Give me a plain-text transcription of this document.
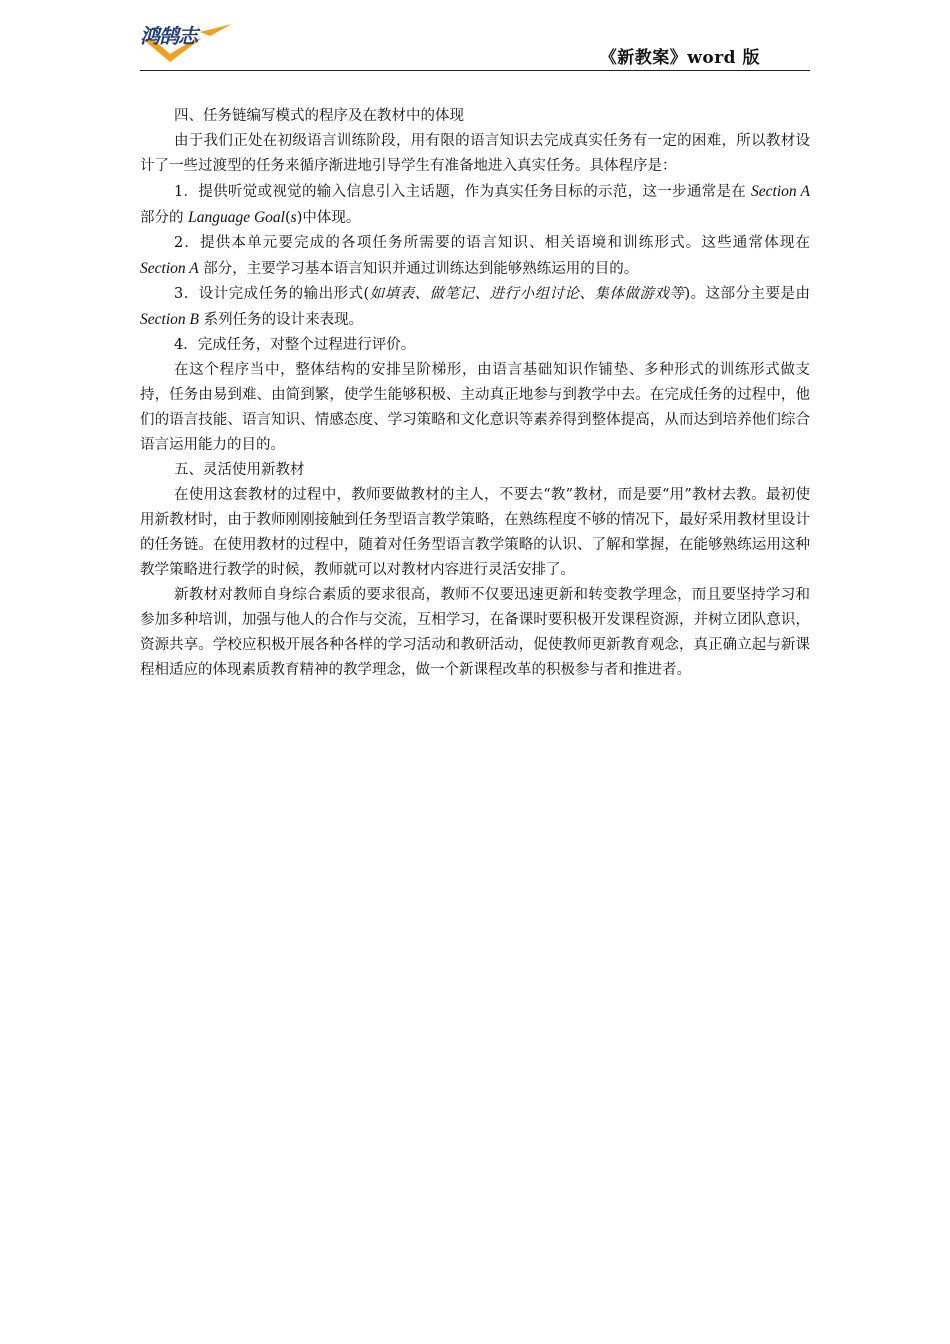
鸿鹄志
《新教案》word 版
四、任务链编写模式的程序及在教材中的体现

由于我们正处在初级语言训练阶段，用有限的语言知识去完成真实任务有一定的困难，所以教材设计了一些过渡型的任务来循序渐进地引导学生有准备地进入真实任务。具体程序是：

1．提供听觉或视觉的输入信息引入主话题，作为真实任务目标的示范，这一步通常是在 Section A 部分的 Language Goal(s)中体现。

2．提供本单元要完成的各项任务所需要的语言知识、相关语境和训练形式。这些通常体现在 Section A 部分，主要学习基本语言知识并通过训练达到能够熟练运用的目的。

3．设计完成任务的输出形式(如填表、做笔记、进行小组讨论、集体做游戏等)。这部分主要是由 Section B 系列任务的设计来表现。

4．完成任务，对整个过程进行评价。

在这个程序当中，整体结构的安排呈阶梯形，由语言基础知识作铺垫、多种形式的训练形式做支持，任务由易到难、由简到繁，使学生能够积极、主动真正地参与到教学中去。在完成任务的过程中，他们的语言技能、语言知识、情感态度、学习策略和文化意识等素养得到整体提高，从而达到培养他们综合语言运用能力的目的。

五、灵活使用新教材

在使用这套教材的过程中，教师要做教材的主人，不要去“教”教材，而是要“用”教材去教。最初使用新教材时，由于教师刚刚接触到任务型语言教学策略，在熟练程度不够的情况下，最好采用教材里设计的任务链。在使用教材的过程中，随着对任务型语言教学策略的认识、了解和掌握，在能够熟练运用这种教学策略进行教学的时候，教师就可以对教材内容进行灵活安排了。

新教材对教师自身综合素质的要求很高，教师不仅要迅速更新和转变教学理念，而且要坚持学习和参加多种培训，加强与他人的合作与交流，互相学习，在备课时要积极开发课程资源，并树立团队意识，资源共享。学校应积极开展各种各样的学习活动和教研活动，促使教师更新教育观念，真正确立起与新课程相适应的体现素质教育精神的教学理念，做一个新课程改革的积极参与者和推进者。
